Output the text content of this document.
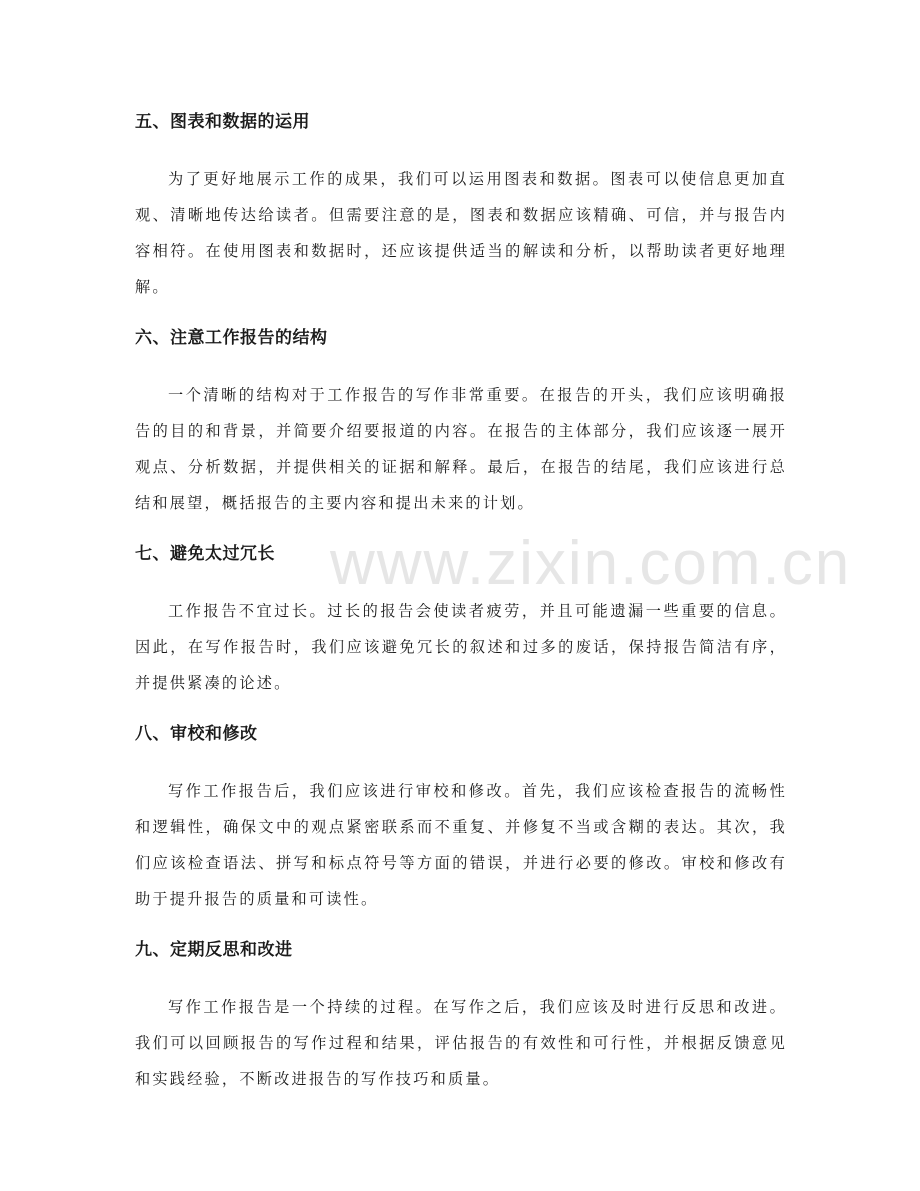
www.zixin.com.cn
五、图表和数据的运用

为了更好地展示工作的成果，我们可以运用图表和数据。图表可以使信息更加直观、清晰地传达给读者。但需要注意的是，图表和数据应该精确、可信，并与报告内容相符。在使用图表和数据时，还应该提供适当的解读和分析，以帮助读者更好地理解。

六、注意工作报告的结构

一个清晰的结构对于工作报告的写作非常重要。在报告的开头，我们应该明确报告的目的和背景，并简要介绍要报道的内容。在报告的主体部分，我们应该逐一展开观点、分析数据，并提供相关的证据和解释。最后，在报告的结尾，我们应该进行总结和展望，概括报告的主要内容和提出未来的计划。

七、避免太过冗长

工作报告不宜过长。过长的报告会使读者疲劳，并且可能遗漏一些重要的信息。因此，在写作报告时，我们应该避免冗长的叙述和过多的废话，保持报告简洁有序，并提供紧凑的论述。

八、审校和修改

写作工作报告后，我们应该进行审校和修改。首先，我们应该检查报告的流畅性和逻辑性，确保文中的观点紧密联系而不重复、并修复不当或含糊的表达。其次，我们应该检查语法、拼写和标点符号等方面的错误，并进行必要的修改。审校和修改有助于提升报告的质量和可读性。

九、定期反思和改进

写作工作报告是一个持续的过程。在写作之后，我们应该及时进行反思和改进。我们可以回顾报告的写作过程和结果，评估报告的有效性和可行性，并根据反馈意见和实践经验，不断改进报告的写作技巧和质量。
